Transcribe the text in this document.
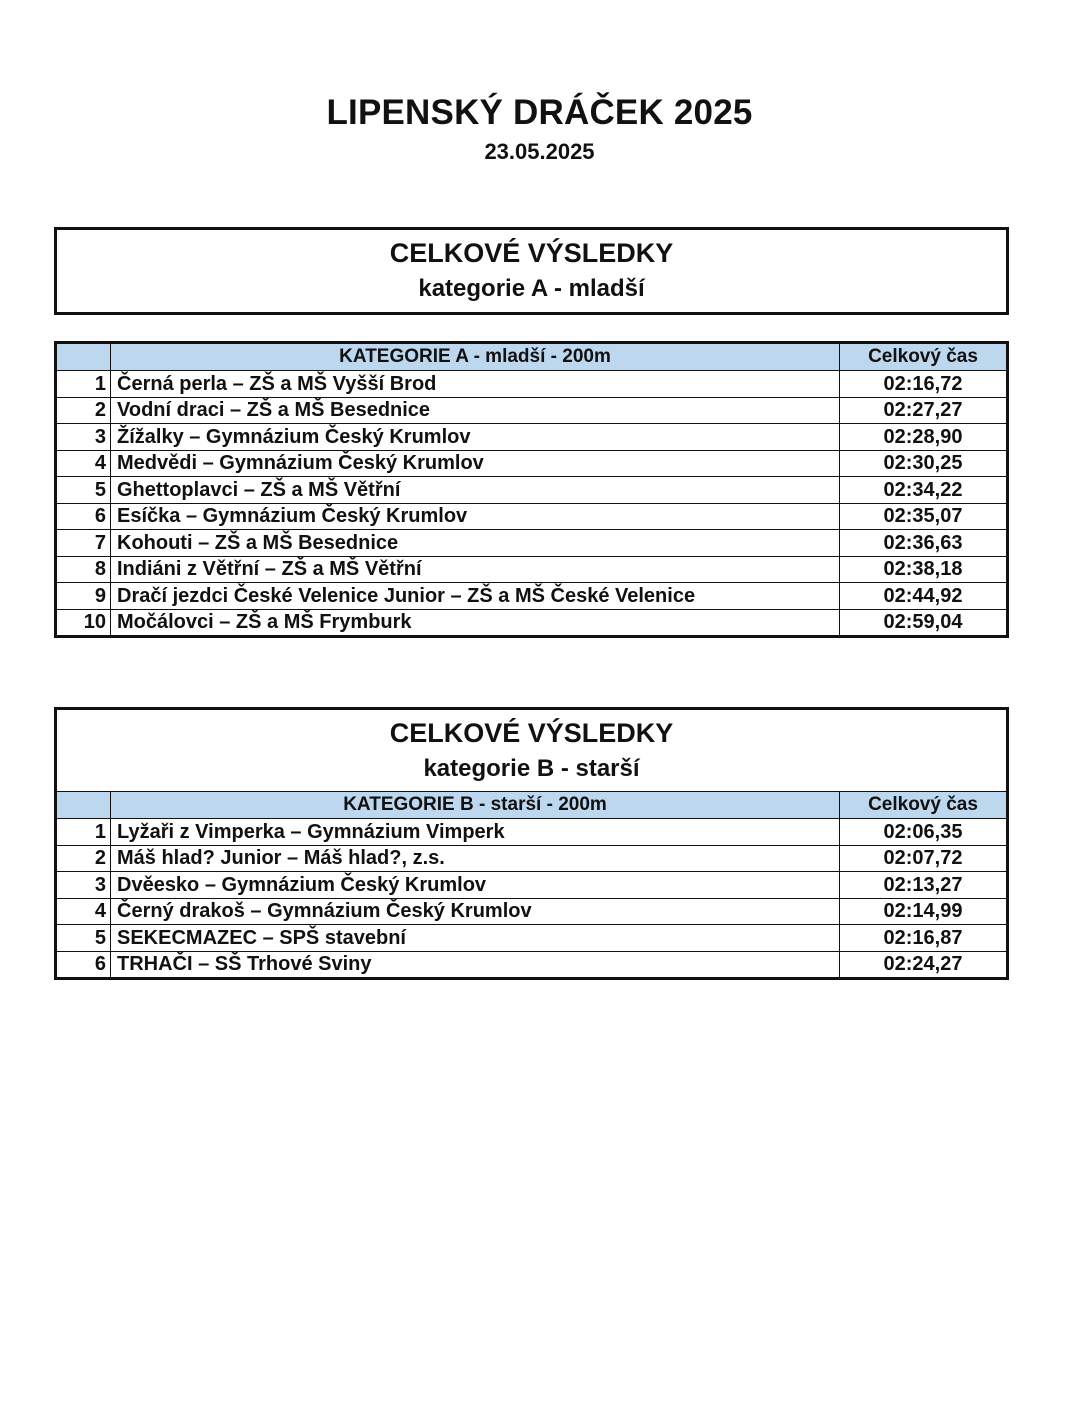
LIPENSKÝ DRÁČEK 2025
23.05.2025
CELKOVÉ VÝSLEDKY
kategorie A - mladší
	KATEGORIE A - mladší - 200m	Celkový čas
1	Černá perla – ZŠ a MŠ Vyšší Brod	02:16,72
2	Vodní draci – ZŠ a MŠ Besednice	02:27,27
3	Žížalky – Gymnázium Český Krumlov	02:28,90
4	Medvědi – Gymnázium Český Krumlov	02:30,25
5	Ghettoplavci – ZŠ a MŠ Větřní	02:34,22
6	Esíčka – Gymnázium Český Krumlov	02:35,07
7	Kohouti – ZŠ a MŠ Besednice	02:36,63
8	Indiáni z Větřní – ZŠ a MŠ Větřní	02:38,18
9	Dračí jezdci České Velenice Junior – ZŠ a MŠ České Velenice	02:44,92
10	Močálovci – ZŠ a MŠ Frymburk	02:59,04
CELKOVÉ VÝSLEDKY
kategorie B - starší
	KATEGORIE B - starší - 200m	Celkový čas
1	Lyžaři z Vimperka – Gymnázium Vimperk	02:06,35
2	Máš hlad? Junior – Máš hlad?, z.s.	02:07,72
3	Dvěesko – Gymnázium Český Krumlov	02:13,27
4	Černý drakoš – Gymnázium Český Krumlov	02:14,99
5	SEKECMAZEC – SPŠ stavební	02:16,87
6	TRHAČI – SŠ Trhové Sviny	02:24,27
